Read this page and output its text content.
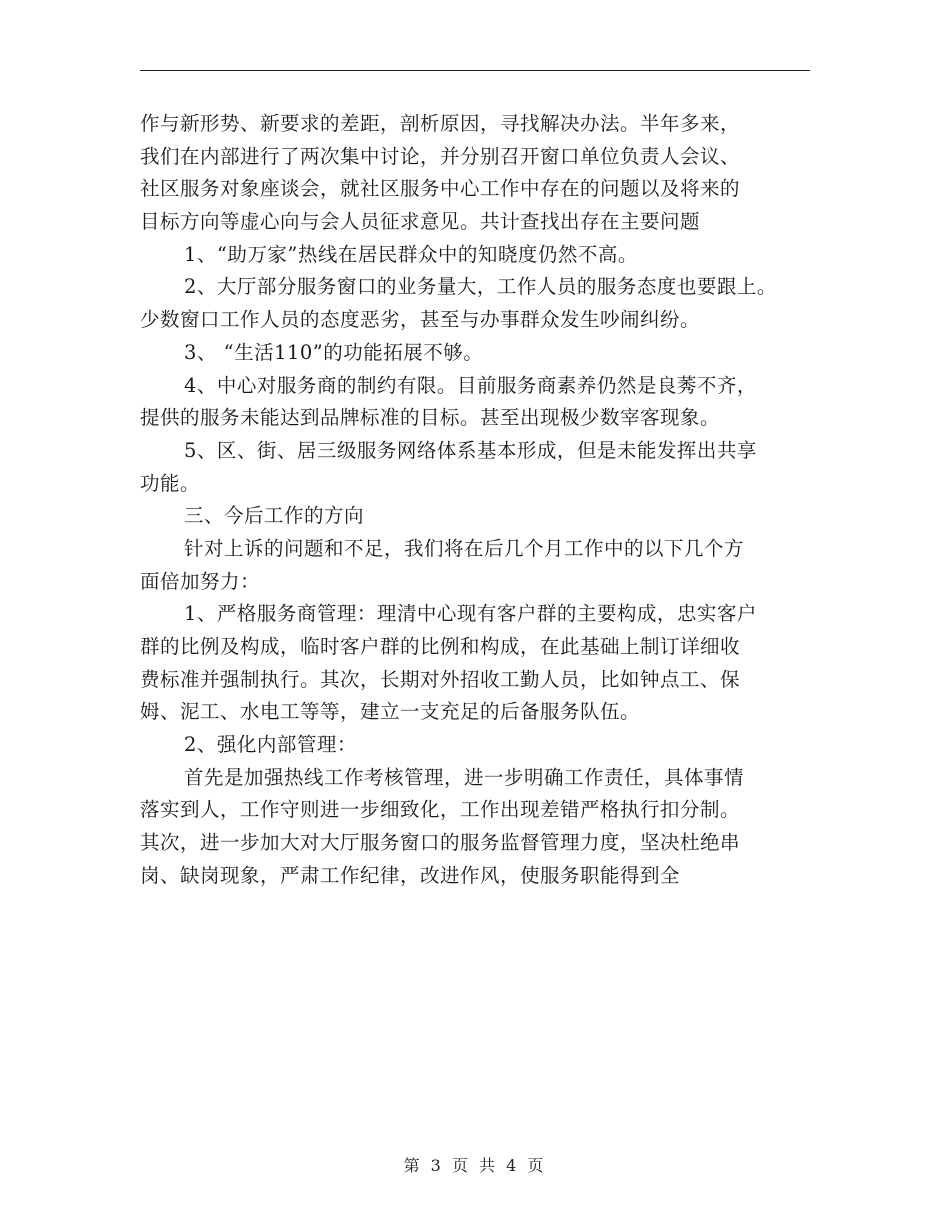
作与新形势、新要求的差距，剖析原因，寻找解决办法。半年多来，
我们在内部进行了两次集中讨论，并分别召开窗口单位负责人会议、
社区服务对象座谈会，就社区服务中心工作中存在的问题以及将来的
目标方向等虚心向与会人员征求意见。共计查找出存在主要问题
1、“助万家”热线在居民群众中的知晓度仍然不高。
2、大厅部分服务窗口的业务量大，工作人员的服务态度也要跟上。
少数窗口工作人员的态度恶劣，甚至与办事群众发生吵闹纠纷。
3、 “生活110”的功能拓展不够。
4、中心对服务商的制约有限。目前服务商素养仍然是良莠不齐，
提供的服务未能达到品牌标准的目标。甚至出现极少数宰客现象。
5、区、街、居三级服务网络体系基本形成，但是未能发挥出共享
功能。
三、今后工作的方向
针对上诉的问题和不足，我们将在后几个月工作中的以下几个方
面倍加努力：
1、严格服务商管理：理清中心现有客户群的主要构成，忠实客户
群的比例及构成，临时客户群的比例和构成，在此基础上制订详细收
费标准并强制执行。其次，长期对外招收工勤人员，比如钟点工、保
姆、泥工、水电工等等，建立一支充足的后备服务队伍。
2、强化内部管理：
首先是加强热线工作考核管理，进一步明确工作责任，具体事情
落实到人，工作守则进一步细致化，工作出现差错严格执行扣分制。
其次，进一步加大对大厅服务窗口的服务监督管理力度，坚决杜绝串
岗、缺岗现象，严肃工作纪律，改进作风，使服务职能得到全
第 3 页 共 4 页
